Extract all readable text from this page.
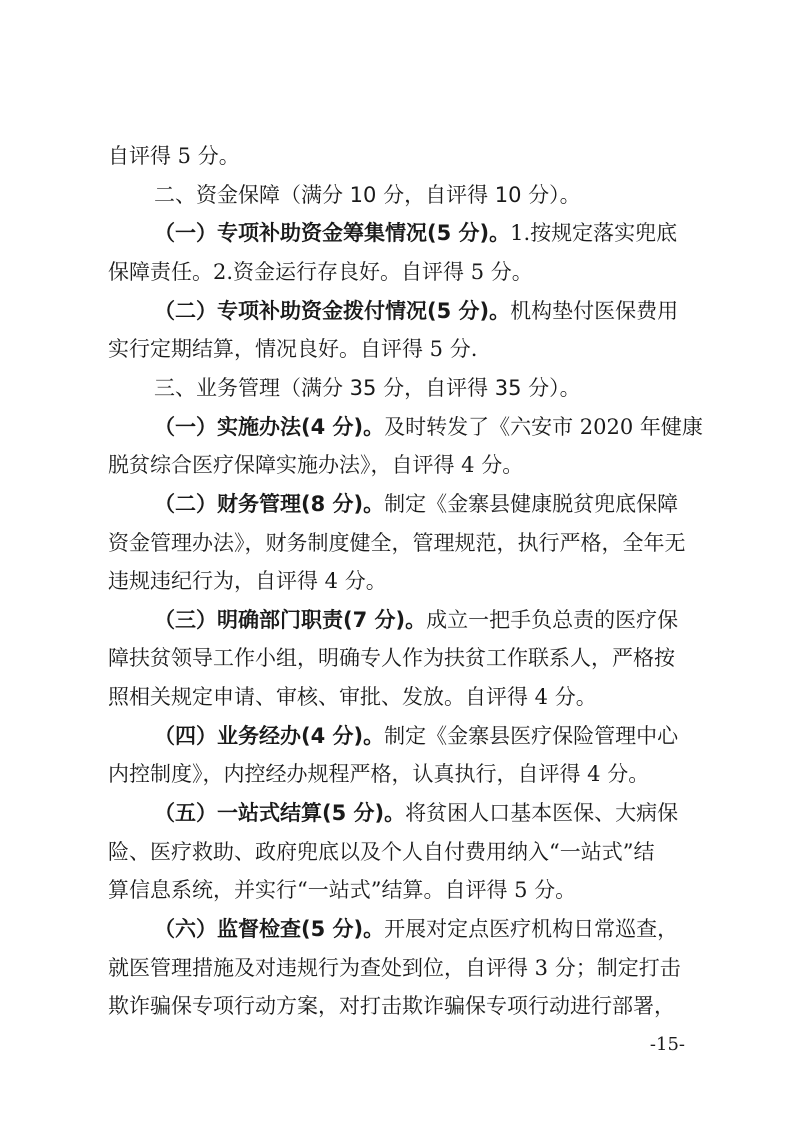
自评得 5 分。
二、资金保障（满分 10 分，自评得 10 分）。
（一）专项补助资金筹集情况(5 分)。1.按规定落实兜底
保障责任。2.资金运行存良好。自评得 5 分。
（二）专项补助资金拨付情况(5 分)。机构垫付医保费用
实行定期结算，情况良好。自评得 5 分.
三、业务管理（满分 35 分，自评得 35 分）。
（一）实施办法(4 分)。及时转发了《六安市 2020 年健康
脱贫综合医疗保障实施办法》，自评得 4 分。
（二）财务管理(8 分)。制定《金寨县健康脱贫兜底保障
资金管理办法》，财务制度健全，管理规范，执行严格，全年无
违规违纪行为，自评得 4 分。
（三）明确部门职责(7 分)。成立一把手负总责的医疗保
障扶贫领导工作小组，明确专人作为扶贫工作联系人，严格按
照相关规定申请、审核、审批、发放。自评得 4 分。
（四）业务经办(4 分)。制定《金寨县医疗保险管理中心
内控制度》，内控经办规程严格，认真执行，自评得 4 分。
（五）一站式结算(5 分)。将贫困人口基本医保、大病保
险、医疗救助、政府兜底以及个人自付费用纳入“一站式”结
算信息系统，并实行“一站式”结算。自评得 5 分。
（六）监督检查(5 分)。开展对定点医疗机构日常巡查，
就医管理措施及对违规行为查处到位，自评得 3 分；制定打击
欺诈骗保专项行动方案，对打击欺诈骗保专项行动进行部署，
-15-
